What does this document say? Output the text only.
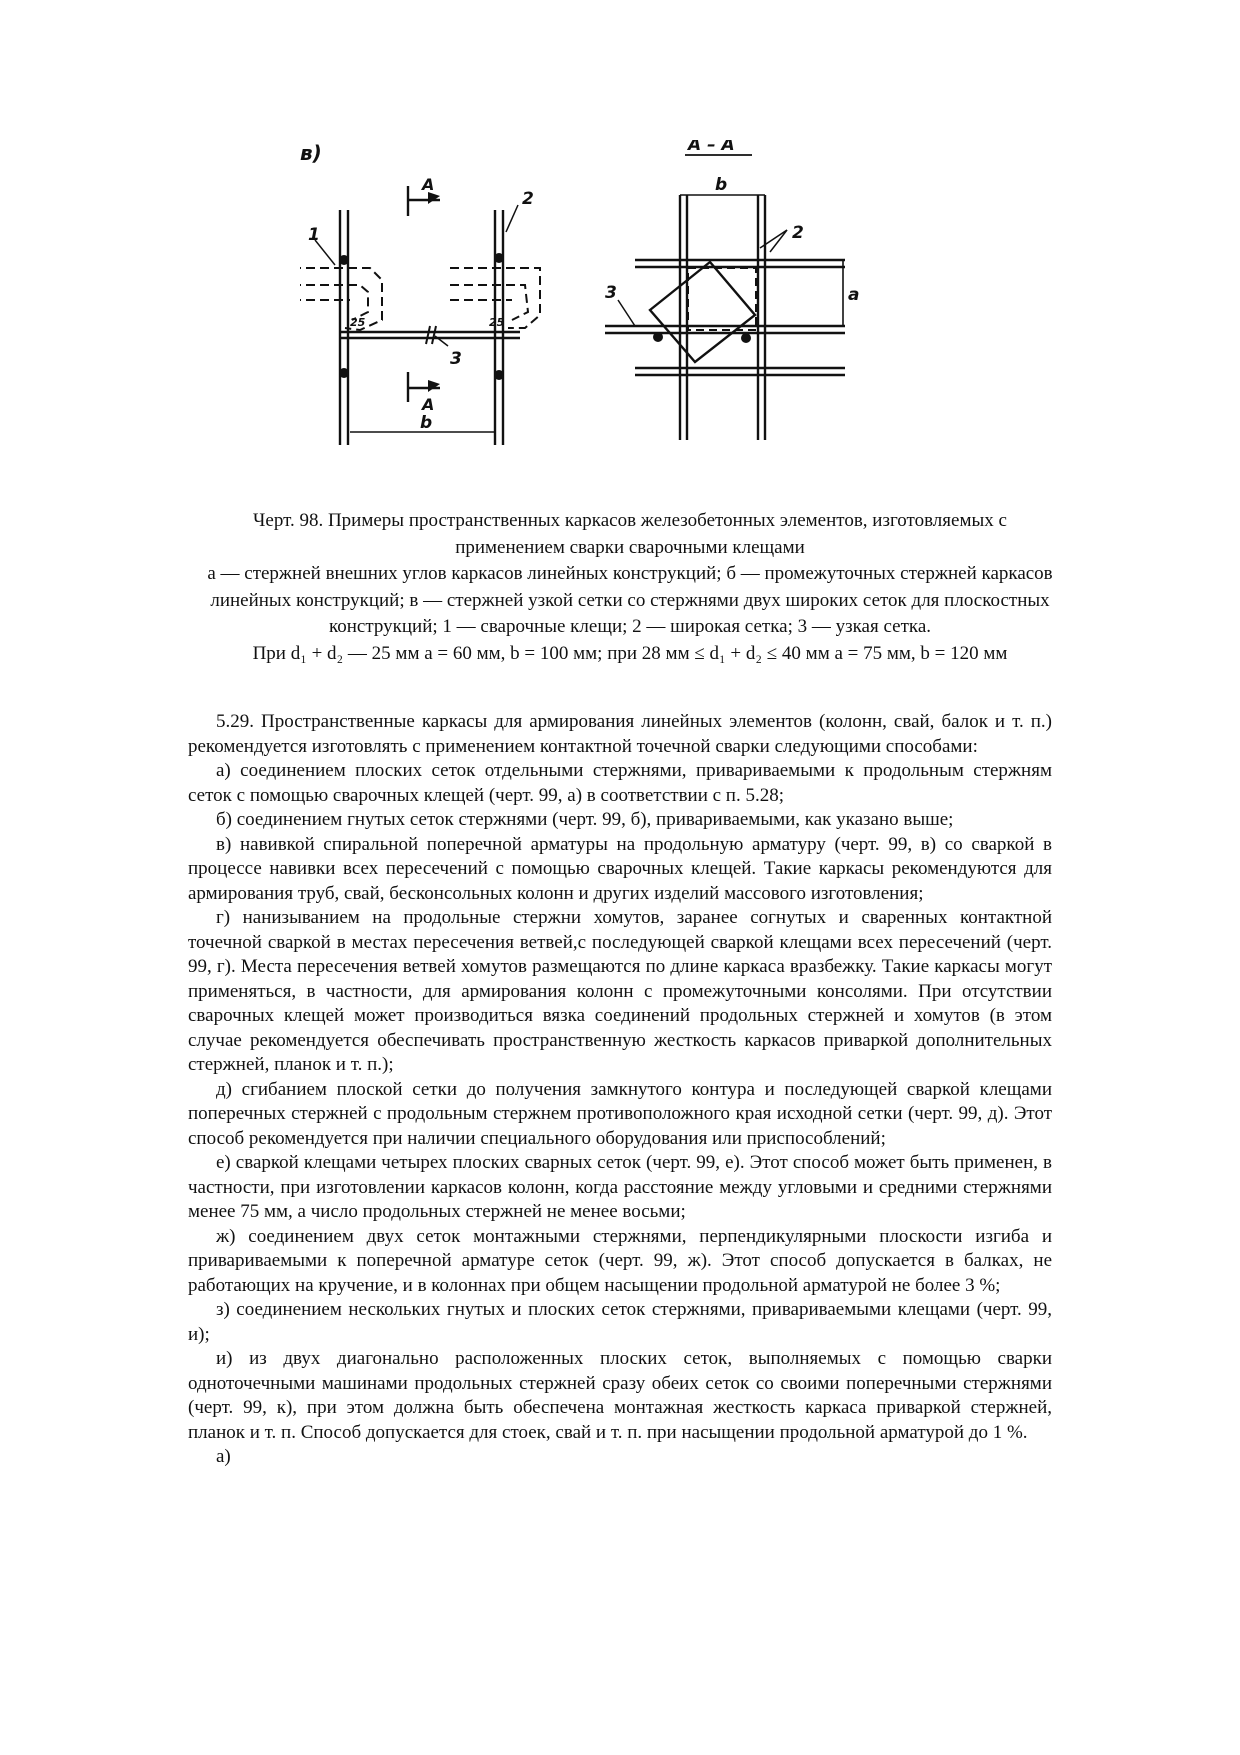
в)	А – А
А
А
1
2
3
b
b
2
3	a
25	25

Черт. 98. Примеры пространственных каркасов железобетонных элементов, изготовляемых с применением сварки сварочными клещами

а — стержней внешних углов каркасов линейных конструкций; б — промежуточных стержней каркасов линейных конструкций; в — стержней узкой сетки со стержнями двух широких сеток для плоскостных конструкций; 1 — сварочные клещи; 2 — широкая сетка; 3 — узкая сетка.

При d₁ + d₂ — 25 мм a = 60 мм, b = 100 мм; при 28 мм ≤ d₁ + d₂ ≤ 40 мм a = 75 мм, b = 120 мм

5.29. Пространственные каркасы для армирования линейных элементов (колонн, свай, балок и т. п.) рекомендуется изготовлять с применением контактной точечной сварки следующими способами:

а) соединением плоских сеток отдельными стержнями, привариваемыми к продольным стержням сеток с помощью сварочных клещей (черт. 99, а) в соответствии с п. 5.28;

б) соединением гнутых сеток стержнями (черт. 99, б), привариваемыми, как указано выше;

в) навивкой спиральной поперечной арматуры на продольную арматуру (черт. 99, в) со сваркой в процессе навивки всех пересечений с помощью сварочных клещей. Такие каркасы рекомендуются для армирования труб, свай, бесконсольных колонн и других изделий массового изготовления;

г) нанизыванием на продольные стержни хомутов, заранее согнутых и сваренных контактной точечной сваркой в местах пересечения ветвей,с последующей сваркой клещами всех пересечений (черт. 99, г). Места пересечения ветвей хомутов размещаются по длине каркаса вразбежку. Такие каркасы могут применяться, в частности, для армирования колонн с промежуточными консолями. При отсутствии сварочных клещей может производиться вязка соединений продольных стержней и хомутов (в этом случае рекомендуется обеспечивать пространственную жесткость каркасов приваркой дополнительных стержней, планок и т. п.);

д) сгибанием плоской сетки до получения замкнутого контура и последующей сваркой клещами поперечных стержней с продольным стержнем противоположного края исходной сетки (черт. 99, д). Этот способ рекомендуется при наличии специального оборудования или приспособлений;

е) сваркой клещами четырех плоских сварных сеток (черт. 99, е). Этот способ может быть применен, в частности, при изготовлении каркасов колонн, когда расстояние между угловыми и средними стержнями менее 75 мм, а число продольных стержней не менее восьми;

ж) соединением двух сеток монтажными стержнями, перпендикулярными плоскости изгиба и привариваемыми к поперечной арматуре сеток (черт. 99, ж). Этот способ допускается в балках, не работающих на кручение, и в колоннах при общем насыщении продольной арматурой не более 3 %;

з) соединением нескольких гнутых и плоских сеток стержнями, привариваемыми клещами (черт. 99, и);

и) из двух диагонально расположенных плоских сеток, выполняемых с помощью сварки одноточечными машинами продольных стержней сразу обеих сеток со своими поперечными стержнями (черт. 99, к), при этом должна быть обеспечена монтажная жесткость каркаса приваркой стержней, планок и т. п. Способ допускается для стоек, свай и т. п. при насыщении продольной арматурой до 1 %.

а)
